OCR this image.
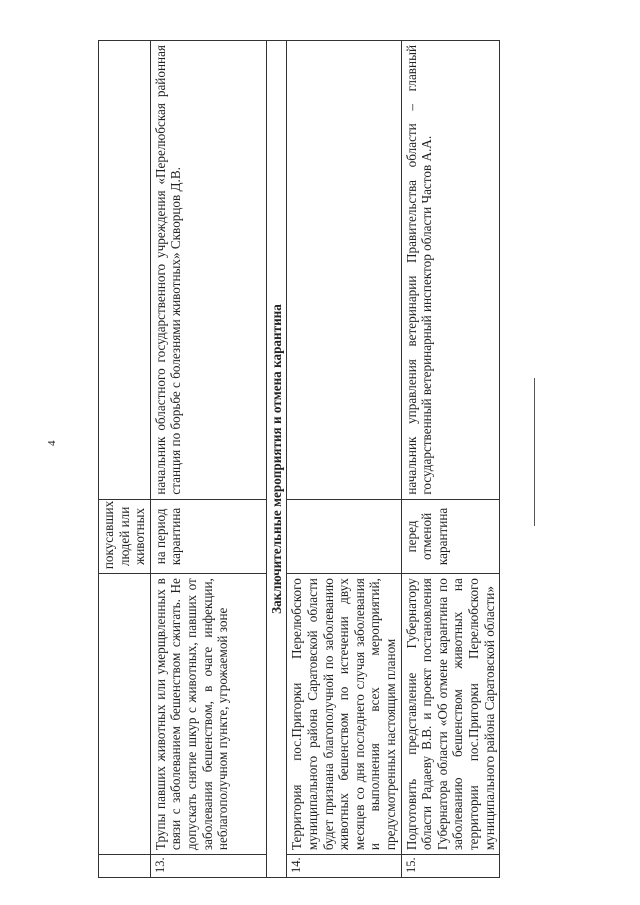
4
		покусавших людей или животных	
13.	Трупы павших животных или умерщвленных в связи с заболеванием бешенством сжигать. Не допускать снятие шкур с животных, павших от заболевания бешенством, в очаге инфекции, неблагополучном пункте, угрожаемой зоне	на период карантина	начальник областного государственного учреждения «Перелюбская районная станция по борьбе с болезнями животных» Скворцов Д.В.
Заключительные мероприятия и отмена карантина			
14.	Территория пос.Пригорки Перелюбского муниципального района Саратовской области будет признана благополучной по заболеванию животных бешенством по истечении двух месяцев со дня последнего случая заболевания и выполнения всех мероприятий, предусмотренных настоящим планом		
15.	Подготовить представление Губернатору области Радаеву В.В. и проект постановления Губернатора области «Об отмене карантина по заболеванию бешенством животных на территории пос.Пригорки Перелюбского муниципального района Саратовской области»	перед отменой карантина	начальник управления ветеринарии Правительства области – главный государственный ветеринарный инспектор области Частов А.А.
